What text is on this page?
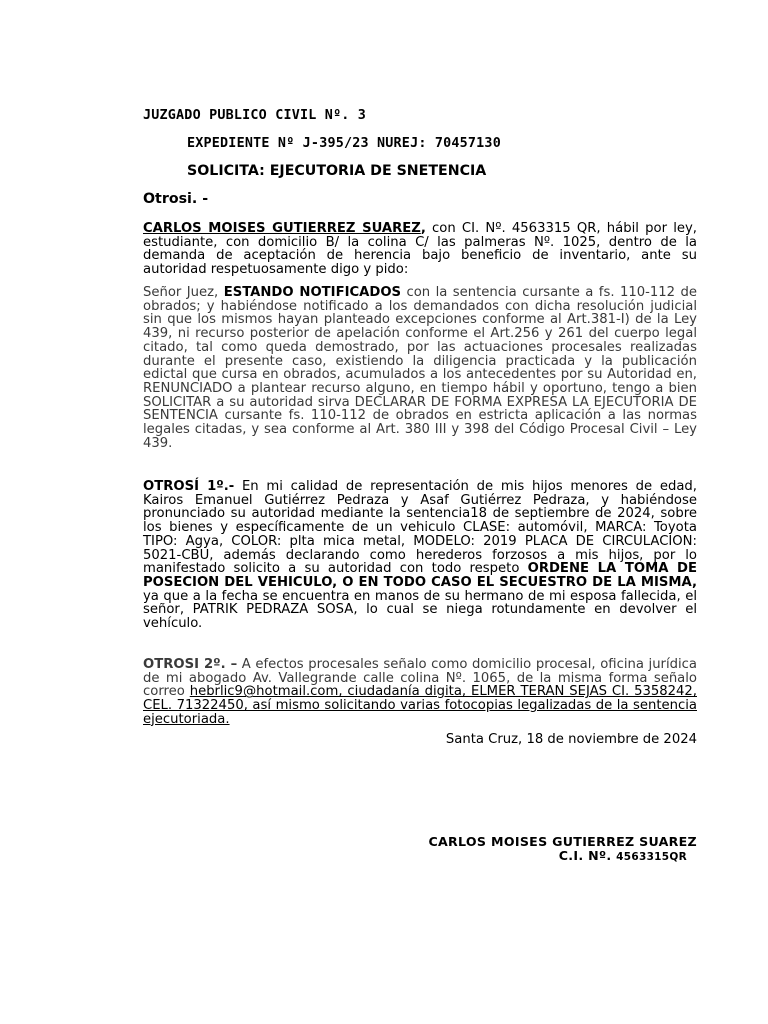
JUZGADO PUBLICO CIVIL Nº. 3
EXPEDIENTE Nº J-395/23 NUREJ: 70457130
SOLICITA: EJECUTORIA DE SNETENCIA
Otrosi. -

CARLOS MOISES GUTIERREZ SUAREZ, con CI. Nº. 4563315 QR, hábil por ley, estudiante, con domicilio B/ la colina C/ las palmeras Nº. 1025, dentro de la demanda de aceptación de herencia bajo beneficio de inventario, ante su autoridad respetuosamente digo y pido:

Señor Juez, ESTANDO NOTIFICADOS con la sentencia cursante a fs. 110-112 de obrados; y habiéndose notificado a los demandados con dicha resolución judicial sin que los mismos hayan planteado excepciones conforme al Art.381-I) de la Ley 439, ni recurso posterior de apelación conforme el Art.256 y 261 del cuerpo legal citado, tal como queda demostrado, por las actuaciones procesales realizadas durante el presente caso, existiendo la diligencia practicada y la publicación edictal que cursa en obrados, acumulados a los antecedentes por su Autoridad en, RENUNCIADO a plantear recurso alguno, en tiempo hábil y oportuno, tengo a bien SOLICITAR a su autoridad sirva DECLARAR DE FORMA EXPRESA LA EJECUTORIA DE SENTENCIA cursante fs. 110-112 de obrados en estricta aplicación a las normas legales citadas, y sea conforme al Art. 380 III y 398 del Código Procesal Civil – Ley 439.

OTROSÍ 1º.- En mi calidad de representación de mis hijos menores de edad, Kairos Emanuel Gutiérrez Pedraza y Asaf Gutiérrez Pedraza, y habiéndose pronunciado su autoridad mediante la sentencia18 de septiembre de 2024, sobre los bienes y específicamente de un vehiculo CLASE: automóvil, MARCA: Toyota TIPO: Agya, COLOR: plta mica metal, MODELO: 2019 PLACA DE CIRCULACION: 5021-CBU, además declarando como herederos forzosos a mis hijos, por lo manifestado solicito a su autoridad con todo respeto ORDENE LA TOMA DE POSECION DEL VEHICULO, O EN TODO CASO EL SECUESTRO DE LA MISMA, ya que a la fecha se encuentra en manos de su hermano de mi esposa fallecida, el señor, PATRIK PEDRAZA SOSA, lo cual se niega rotundamente en devolver el vehículo.

OTROSI 2º. – A efectos procesales señalo como domicilio procesal, oficina jurídica de mi abogado Av. Vallegrande calle colina Nº. 1065, de la misma forma señalo correo hebrlic9@hotmail.com, ciudadanía digita, ELMER TERAN SEJAS CI. 5358242, CEL. 71322450, así mismo solicitando varias fotocopias legalizadas de la sentencia ejecutoriada.

Santa Cruz, 18 de noviembre de 2024
CARLOS MOISES GUTIERREZ SUAREZ
C.I. Nº. 4563315QR
